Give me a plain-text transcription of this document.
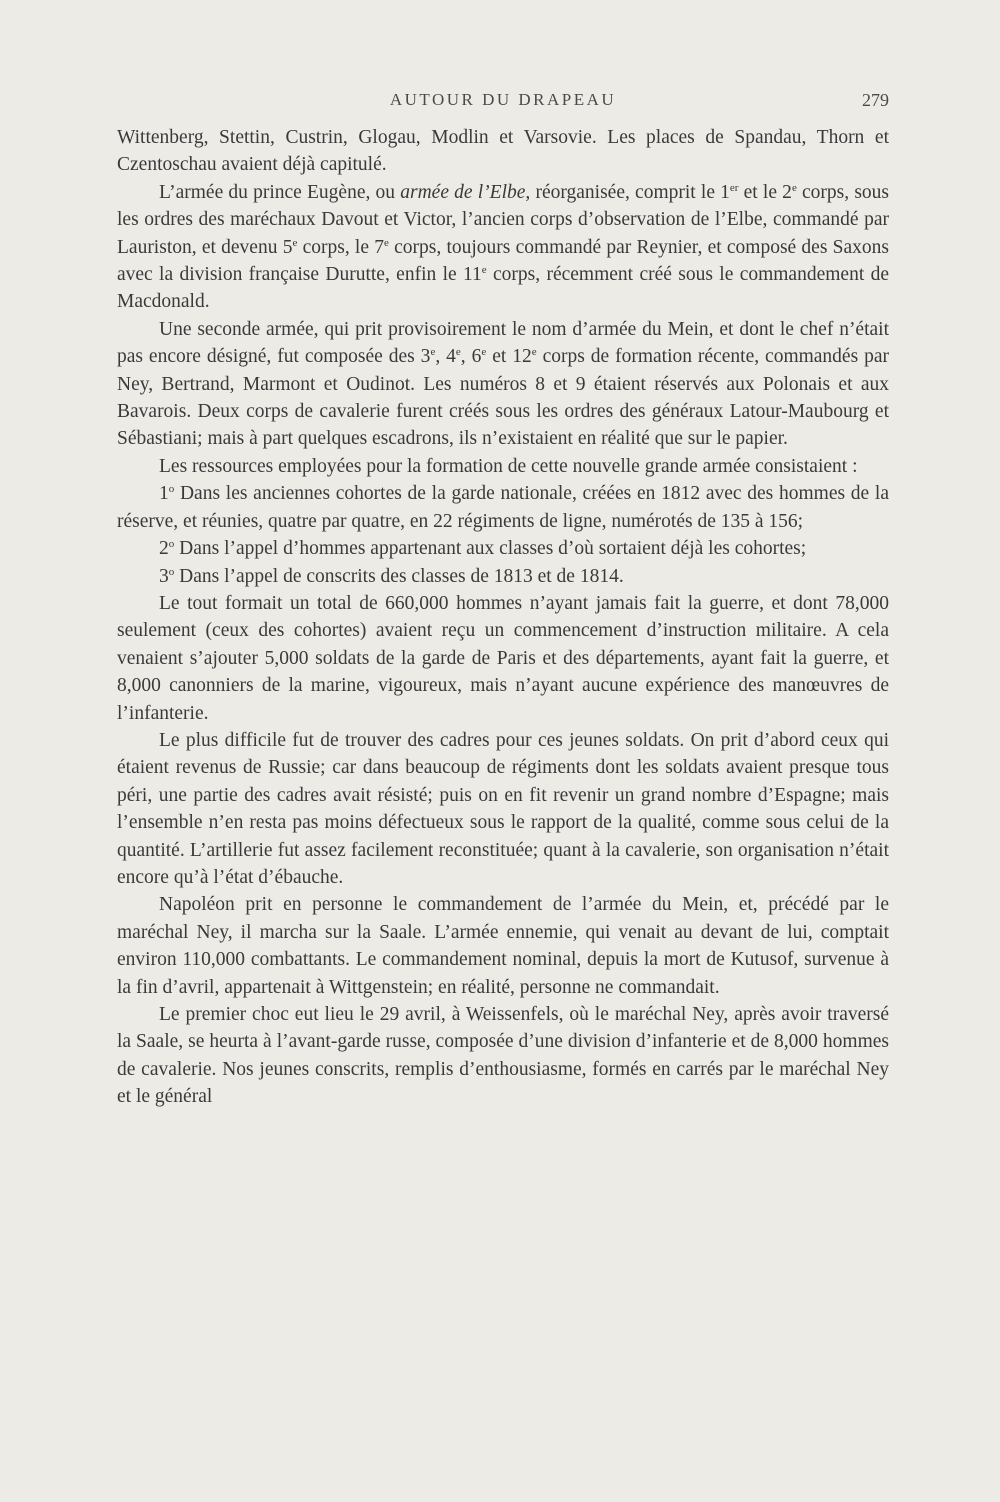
AUTOUR DU DRAPEAU	279

Wittenberg, Stettin, Custrin, Glogau, Modlin et Varsovie. Les places de Spandau, Thorn et Czentoschau avaient déjà capitulé.

L’armée du prince Eugène, ou armée de l’Elbe, réorganisée, comprit le 1er et le 2e corps, sous les ordres des maréchaux Davout et Victor, l’ancien corps d’observation de l’Elbe, commandé par Lauriston, et devenu 5e corps, le 7e corps, toujours commandé par Reynier, et composé des Saxons avec la division française Durutte, enfin le 11e corps, récemment créé sous le commandement de Macdonald.

Une seconde armée, qui prit provisoirement le nom d’armée du Mein, et dont le chef n’était pas encore désigné, fut composée des 3e, 4e, 6e et 12e corps de formation récente, commandés par Ney, Bertrand, Marmont et Oudinot. Les numéros 8 et 9 étaient réservés aux Polonais et aux Bavarois. Deux corps de cavalerie furent créés sous les ordres des généraux Latour-Maubourg et Sébastiani; mais à part quelques escadrons, ils n’existaient en réalité que sur le papier.

Les ressources employées pour la formation de cette nouvelle grande armée consistaient :

1$^o$ Dans les anciennes cohortes de la garde nationale, créées en 1812 avec des hommes de la réserve, et réunies, quatre par quatre, en 22 régiments de ligne, numérotés de 135 à 156;

2$^o$ Dans l’appel d’hommes appartenant aux classes d’où sortaient déjà les cohortes;

3$^o$ Dans l’appel de conscrits des classes de 1813 et de 1814.

Le tout formait un total de 660,000 hommes n’ayant jamais fait la guerre, et dont 78,000 seulement (ceux des cohortes) avaient reçu un commencement d’instruction militaire. A cela venaient s’ajouter 5,000 soldats de la garde de Paris et des départements, ayant fait la guerre, et 8,000 canonniers de la marine, vigoureux, mais n’ayant aucune expérience des manœuvres de l’infanterie.

Le plus difficile fut de trouver des cadres pour ces jeunes soldats. On prit d’abord ceux qui étaient revenus de Russie; car dans beaucoup de régiments dont les soldats avaient presque tous péri, une partie des cadres avait résisté; puis on en fit revenir un grand nombre d’Espagne; mais l’ensemble n’en resta pas moins défectueux sous le rapport de la qualité, comme sous celui de la quantité. L’artillerie fut assez facilement reconstituée; quant à la cavalerie, son organisation n’était encore qu’à l’état d’ébauche.

Napoléon prit en personne le commandement de l’armée du Mein, et, précédé par le maréchal Ney, il marcha sur la Saale. L’armée ennemie, qui venait au devant de lui, comptait environ 110,000 combattants. Le commandement nominal, depuis la mort de Kutusof, survenue à la fin d’avril, appartenait à Wittgenstein; en réalité, personne ne commandait.

Le premier choc eut lieu le 29 avril, à Weissenfels, où le maréchal Ney, après avoir traversé la Saale, se heurta à l’avant-garde russe, composée d’une division d’infanterie et de 8,000 hommes de cavalerie. Nos jeunes conscrits, remplis d’enthousiasme, formés en carrés par le maréchal Ney et le général
